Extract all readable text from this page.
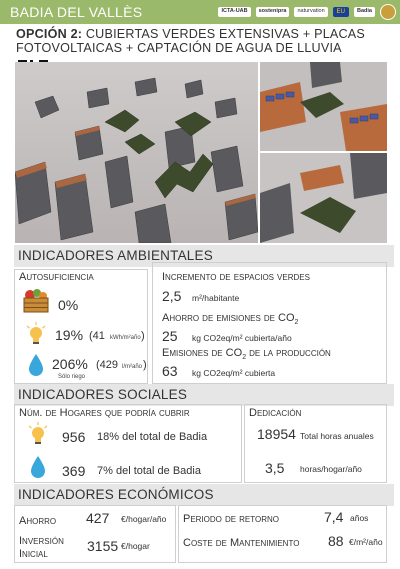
BADIA DEL VALLÈS	ICTA-UAB	sostenipra	naturvation	EU	Badia
OPCIÓN 2: CUBIERTAS VERDES EXTENSIVAS + PLACAS
FOTOVOLTAICAS + CAPTACIÓN DE AGUA DE LLUVIA
INDICADORES AMBIENTALES
Autosuficiencia
0%
19% (41 kWh/m²año )
206% (429 l/m²año )
Sólo riego
Incremento de espacios verdes
2,5 m²/habitante
Ahorro de emisiones de $CO_2$
25 kg CO2eq/m² cubierta/año
Emisiones de $CO_2$ de la producción
63 kg CO2eq/m² cubierta
INDICADORES SOCIALES
Núm. de Hogares que podría cubrir
956 18% del total de Badia
369 7% del total de Badia
Dedicación
18954 Total horas anuales
3,5 horas/hogar/año
INDICADORES ECONÓMICOS
Ahorro 427 €/hogar/año
Inversión
Inicial	3155 €/hogar
Periodo de retorno	7,4 años
Coste de Mantenimiento 88 €/m²/año
